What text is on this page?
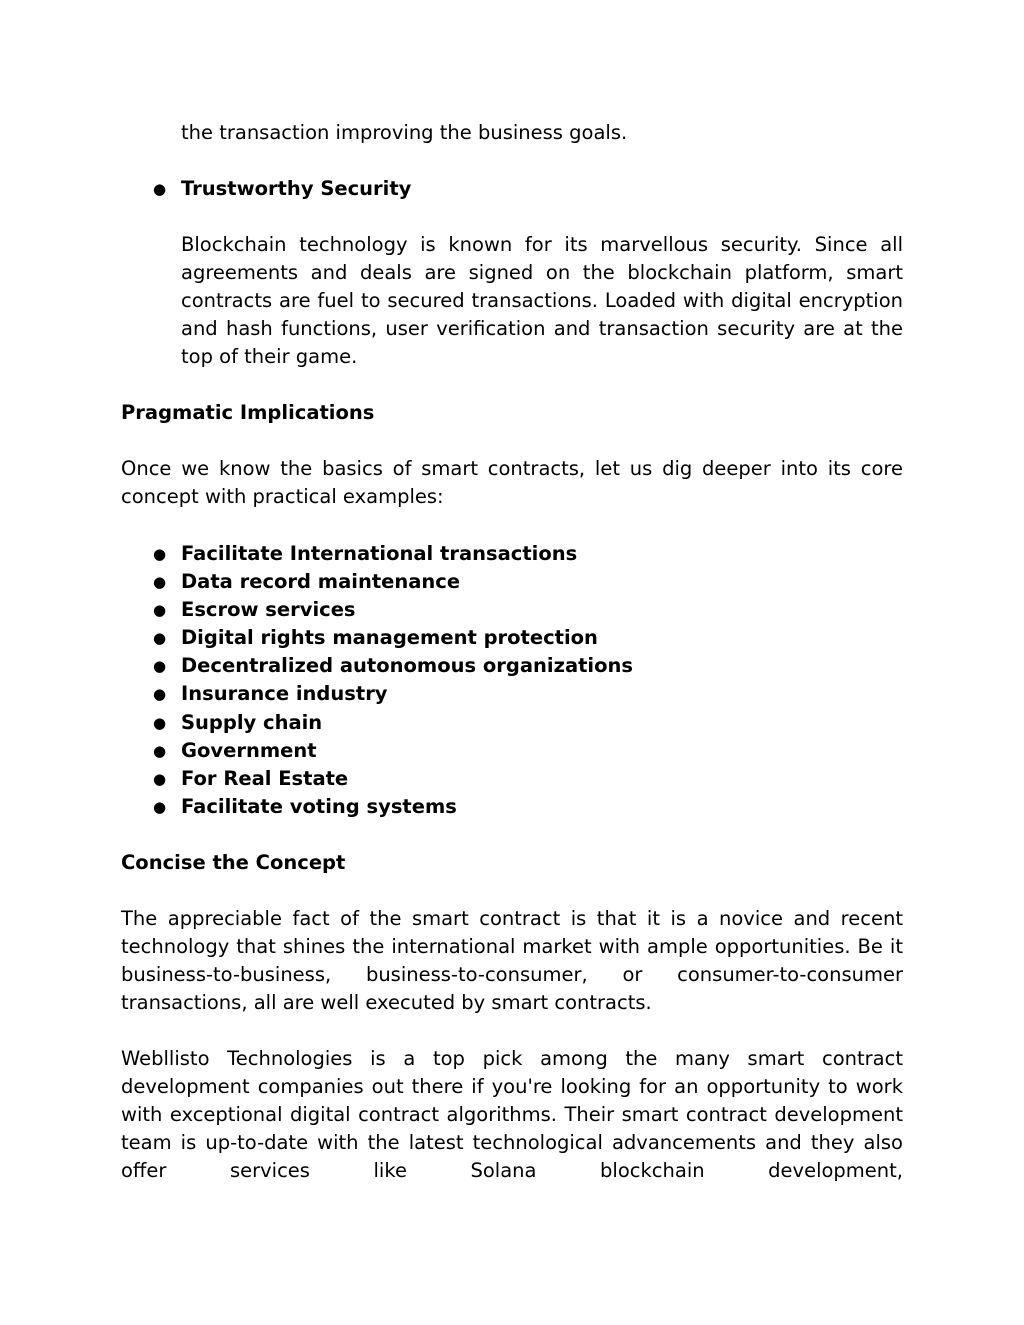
the transaction improving the business goals.

● Trustworthy Security

Blockchain technology is known for its marvellous security. Since all agreements and deals are signed on the blockchain platform, smart contracts are fuel to secured transactions. Loaded with digital encryption and hash functions, user verification and transaction security are at the top of their game.

Pragmatic Implications

Once we know the basics of smart contracts, let us dig deeper into its core concept with practical examples:

● Facilitate International transactions
● Data record maintenance
● Escrow services
● Digital rights management protection
● Decentralized autonomous organizations
● Insurance industry
● Supply chain
● Government
● For Real Estate
● Facilitate voting systems

Concise the Concept

The appreciable fact of the smart contract is that it is a novice and recent technology that shines the international market with ample opportunities. Be it business-to-business, business-to-consumer, or consumer-to-consumer transactions, all are well executed by smart contracts.

Webllisto Technologies is a top pick among the many smart contract development companies out there if you're looking for an opportunity to work with exceptional digital contract algorithms. Their smart contract development team is up-to-date with the latest technological advancements and they also offer services like Solana blockchain development,
